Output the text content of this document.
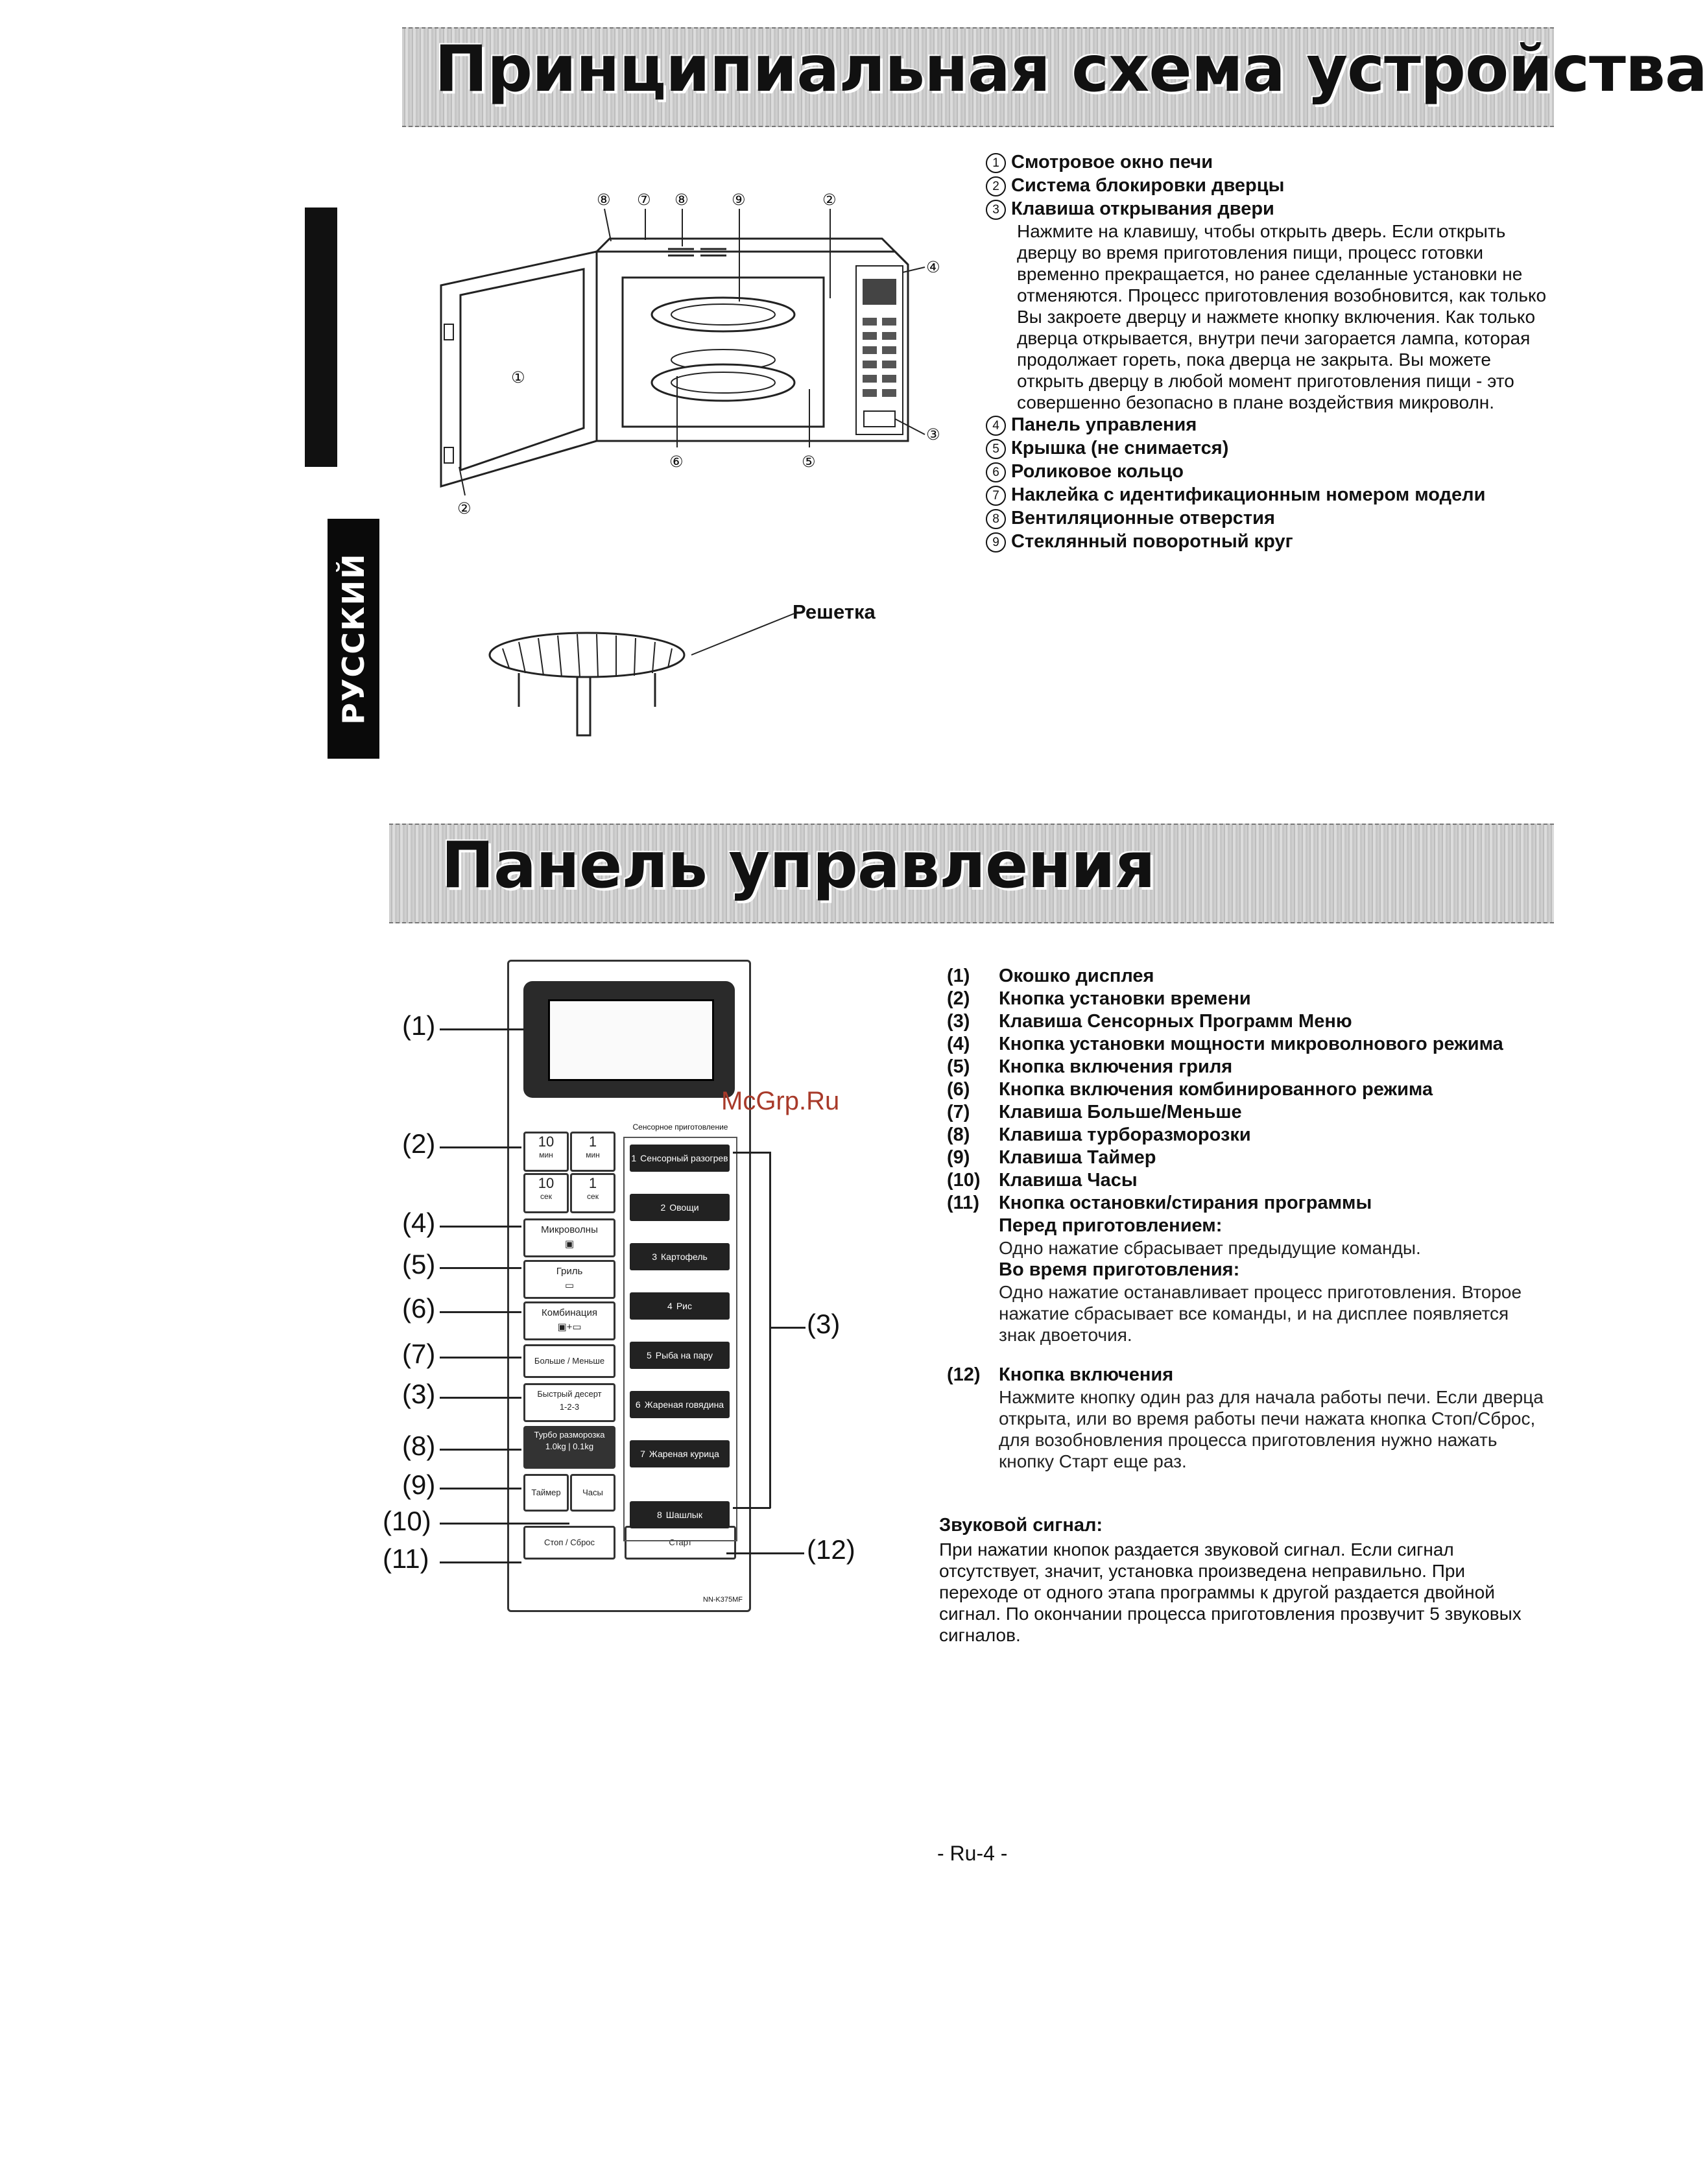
РУССКИЙ
Принципиальная схема устройства
⑧ ⑦ ⑧	⑨	②
④
①
⑥	⑤
③
②
Решетка
1 Смотровое окно печи
2 Система блокировки дверцы
3 Клавиша открывания двери
Нажмите на клавишу, чтобы открыть дверь. Если открыть дверцу во время приготовления пищи, процесс готовки временно прекращается, но ранее сделанные установки не отменяются. Процесс приготовления возобновится, как только Вы закроете дверцу и нажмете кнопку включения. Как только дверца открывается, внутри печи загорается лампа, которая продолжает гореть, пока дверца не закрыта. Вы можете открыть дверцу в любой момент приготовления пищи - это совершенно безопасно в плане воздействия микроволн.
4 Панель управления
5 Крышка (не снимается)
6 Роликовое кольцо
7 Наклейка с идентификационным номером модели
8 Вентиляционные отверстия
9 Стеклянный поворотный круг
Панель управления
10
мин
1
мин
10
сек
1
сек
Микроволны
▣
Гриль
▭
Комбинация
▣+▭
Больше / Меньше
Быстрый десерт
1-2-3
Турбо разморозка
1.0kg | 0.1kg
Таймер	Часы
Стоп / Сброс	Старт
Сенсорное приготовление
1 Сенсорный разогрев
2 Овощи
3 Картофель
4 Рис
5 Рыба на пару
6 Жареная говядина
7 Жареная курица
8 Шашлык
NN-K375MF
(1)
(2)
(4)
(5)
(6)
(7)
(3)
(8)
(9)
(10)
(11)
(3)
(12)
McGrp.Ru
(1)	Окошко дисплея
(2)	Кнопка установки времени
(3)	Клавиша Сенсорных Программ Меню
(4)	Кнопка установки мощности микроволнового режима
(5)	Кнопка включения гриля
(6)	Кнопка включения комбинированного режима
(7)	Клавиша Больше/Меньше
(8)	Клавиша турборазморозки
(9)	Клавиша Таймер
(10) Клавиша Часы
(11)	Кнопка остановки/стирания программы
Перед приготовлением:
Одно нажатие сбрасывает предыдущие команды.
Во время приготовления:
Одно нажатие останавливает процесс приготовления. Второе нажатие сбрасывает все команды, и на дисплее появляется знак двоеточия.
(12) Кнопка включения
Нажмите кнопку один раз для начала работы печи. Если дверца открыта, или во время работы печи нажата кнопка Стоп/Сброс, для возобновления процесса приготовления нужно нажать кнопку Старт еще раз.
Звуковой сигнал:
При нажатии кнопок раздается звуковой сигнал. Если сигнал отсутствует, значит, установка произведена неправильно. При переходе от одного этапа программы к другой раздается двойной сигнал. По окончании процесса приготовления прозвучит 5 звуковых сигналов.
- Ru-4 -
